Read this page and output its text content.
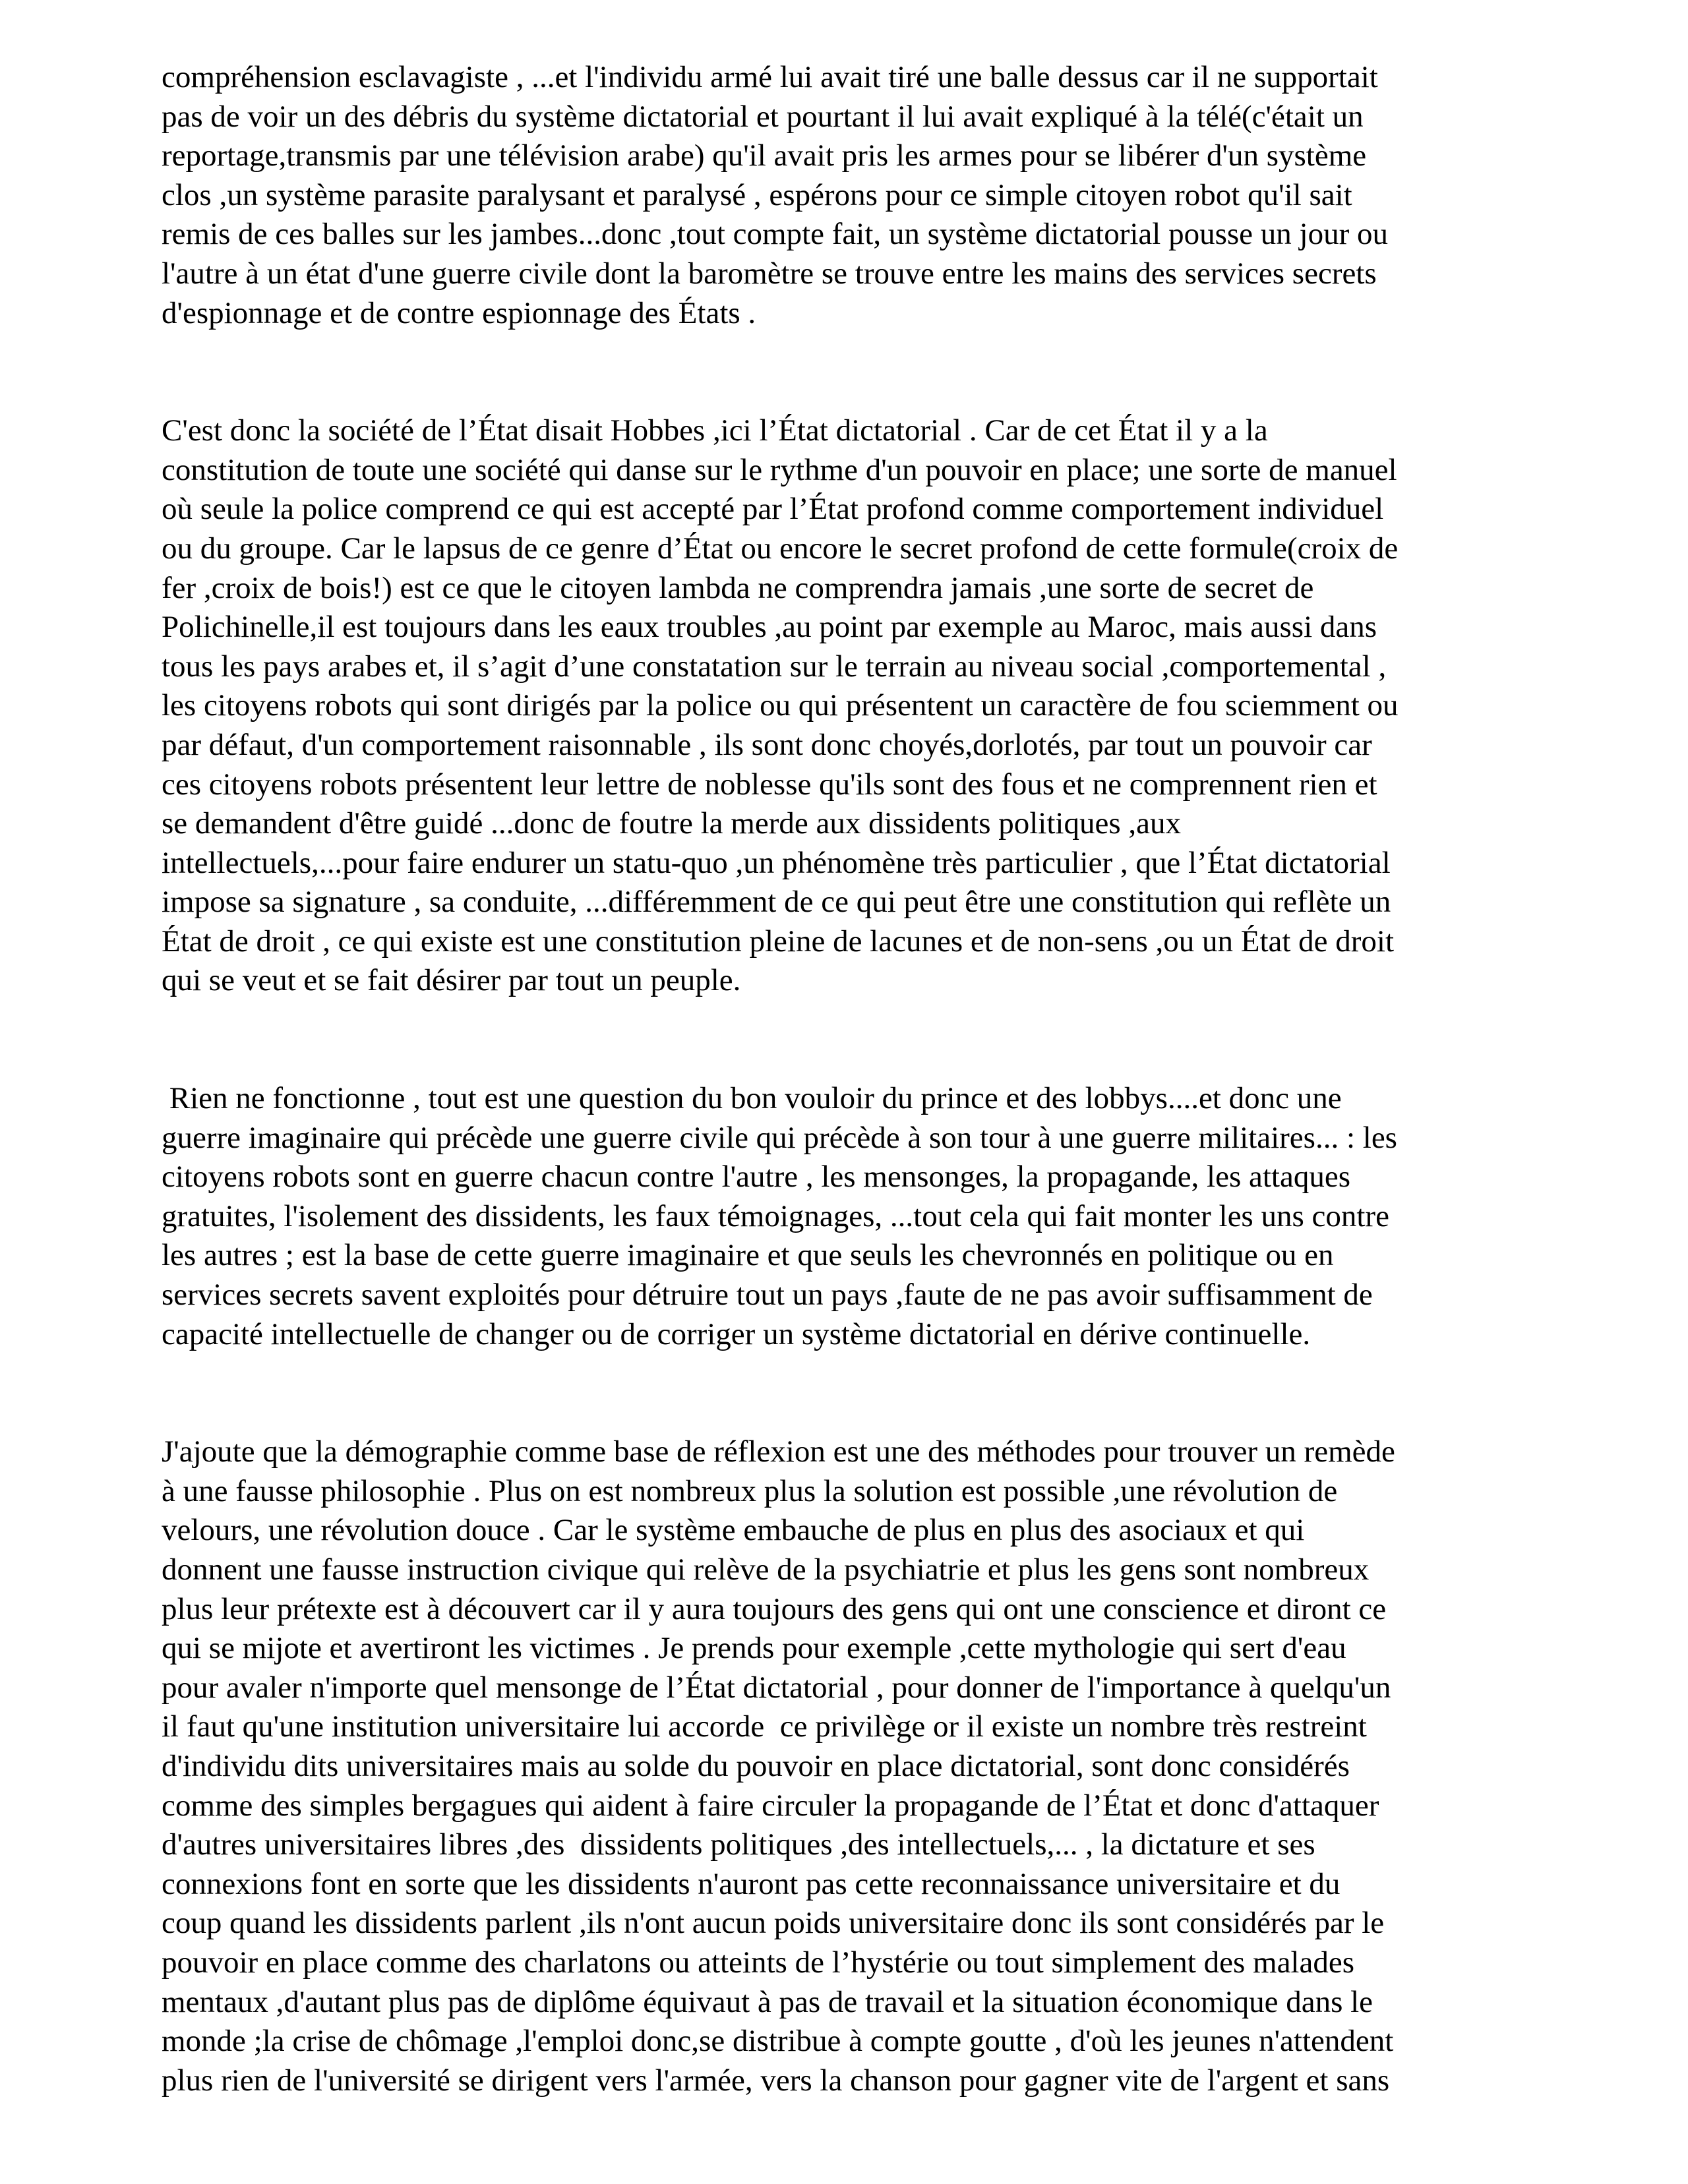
compréhension esclavagiste , ...et l'individu armé lui avait tiré une balle dessus car il ne supportait
pas de voir un des débris du système dictatorial et pourtant il lui avait expliqué à la télé(c'était un
reportage,transmis par une télévision arabe) qu'il avait pris les armes pour se libérer d'un système
clos ,un système parasite paralysant et paralysé , espérons pour ce simple citoyen robot qu'il sait
remis de ces balles sur les jambes...donc ,tout compte fait, un système dictatorial pousse un jour ou
l'autre à un état d'une guerre civile dont la baromètre se trouve entre les mains des services secrets
d'espionnage et de contre espionnage des États .
C'est donc la société de l’État disait Hobbes ,ici l’État dictatorial . Car de cet État il y a la
constitution de toute une société qui danse sur le rythme d'un pouvoir en place; une sorte de manuel
où seule la police comprend ce qui est accepté par l’État profond comme comportement individuel
ou du groupe. Car le lapsus de ce genre d’État ou encore le secret profond de cette formule(croix de
fer ,croix de bois!) est ce que le citoyen lambda ne comprendra jamais ,une sorte de secret de
Polichinelle,il est toujours dans les eaux troubles ,au point par exemple au Maroc, mais aussi dans
tous les pays arabes et, il s’agit d’une constatation sur le terrain au niveau social ,comportemental ,
les citoyens robots qui sont dirigés par la police ou qui présentent un caractère de fou sciemment ou
par défaut, d'un comportement raisonnable , ils sont donc choyés,dorlotés, par tout un pouvoir car
ces citoyens robots présentent leur lettre de noblesse qu'ils sont des fous et ne comprennent rien et
se demandent d'être guidé ...donc de foutre la merde aux dissidents politiques ,aux
intellectuels,...pour faire endurer un statu-quo ,un phénomène très particulier , que l’État dictatorial
impose sa signature , sa conduite, ...différemment de ce qui peut être une constitution qui reflète un
État de droit , ce qui existe est une constitution pleine de lacunes et de non-sens ,ou un État de droit
qui se veut et se fait désirer par tout un peuple.
Rien ne fonctionne , tout est une question du bon vouloir du prince et des lobbys....et donc une
guerre imaginaire qui précède une guerre civile qui précède à son tour à une guerre militaires... : les
citoyens robots sont en guerre chacun contre l'autre , les mensonges, la propagande, les attaques
gratuites, l'isolement des dissidents, les faux témoignages, ...tout cela qui fait monter les uns contre
les autres ; est la base de cette guerre imaginaire et que seuls les chevronnés en politique ou en
services secrets savent exploités pour détruire tout un pays ,faute de ne pas avoir suffisamment de
capacité intellectuelle de changer ou de corriger un système dictatorial en dérive continuelle.
J'ajoute que la démographie comme base de réflexion est une des méthodes pour trouver un remède
à une fausse philosophie . Plus on est nombreux plus la solution est possible ,une révolution de
velours, une révolution douce . Car le système embauche de plus en plus des asociaux et qui
donnent une fausse instruction civique qui relève de la psychiatrie et plus les gens sont nombreux
plus leur prétexte est à découvert car il y aura toujours des gens qui ont une conscience et diront ce
qui se mijote et avertiront les victimes . Je prends pour exemple ,cette mythologie qui sert d'eau
pour avaler n'importe quel mensonge de l’État dictatorial , pour donner de l'importance à quelqu'un
il faut qu'une institution universitaire lui accorde  ce privilège or il existe un nombre très restreint
d'individu dits universitaires mais au solde du pouvoir en place dictatorial, sont donc considérés
comme des simples bergagues qui aident à faire circuler la propagande de l’État et donc d'attaquer
d'autres universitaires libres ,des  dissidents politiques ,des intellectuels,... , la dictature et ses
connexions font en sorte que les dissidents n'auront pas cette reconnaissance universitaire et du
coup quand les dissidents parlent ,ils n'ont aucun poids universitaire donc ils sont considérés par le
pouvoir en place comme des charlatons ou atteints de l’hystérie ou tout simplement des malades
mentaux ,d'autant plus pas de diplôme équivaut à pas de travail et la situation économique dans le
monde ;la crise de chômage ,l'emploi donc,se distribue à compte goutte , d'où les jeunes n'attendent
plus rien de l'université se dirigent vers l'armée, vers la chanson pour gagner vite de l'argent et sans
